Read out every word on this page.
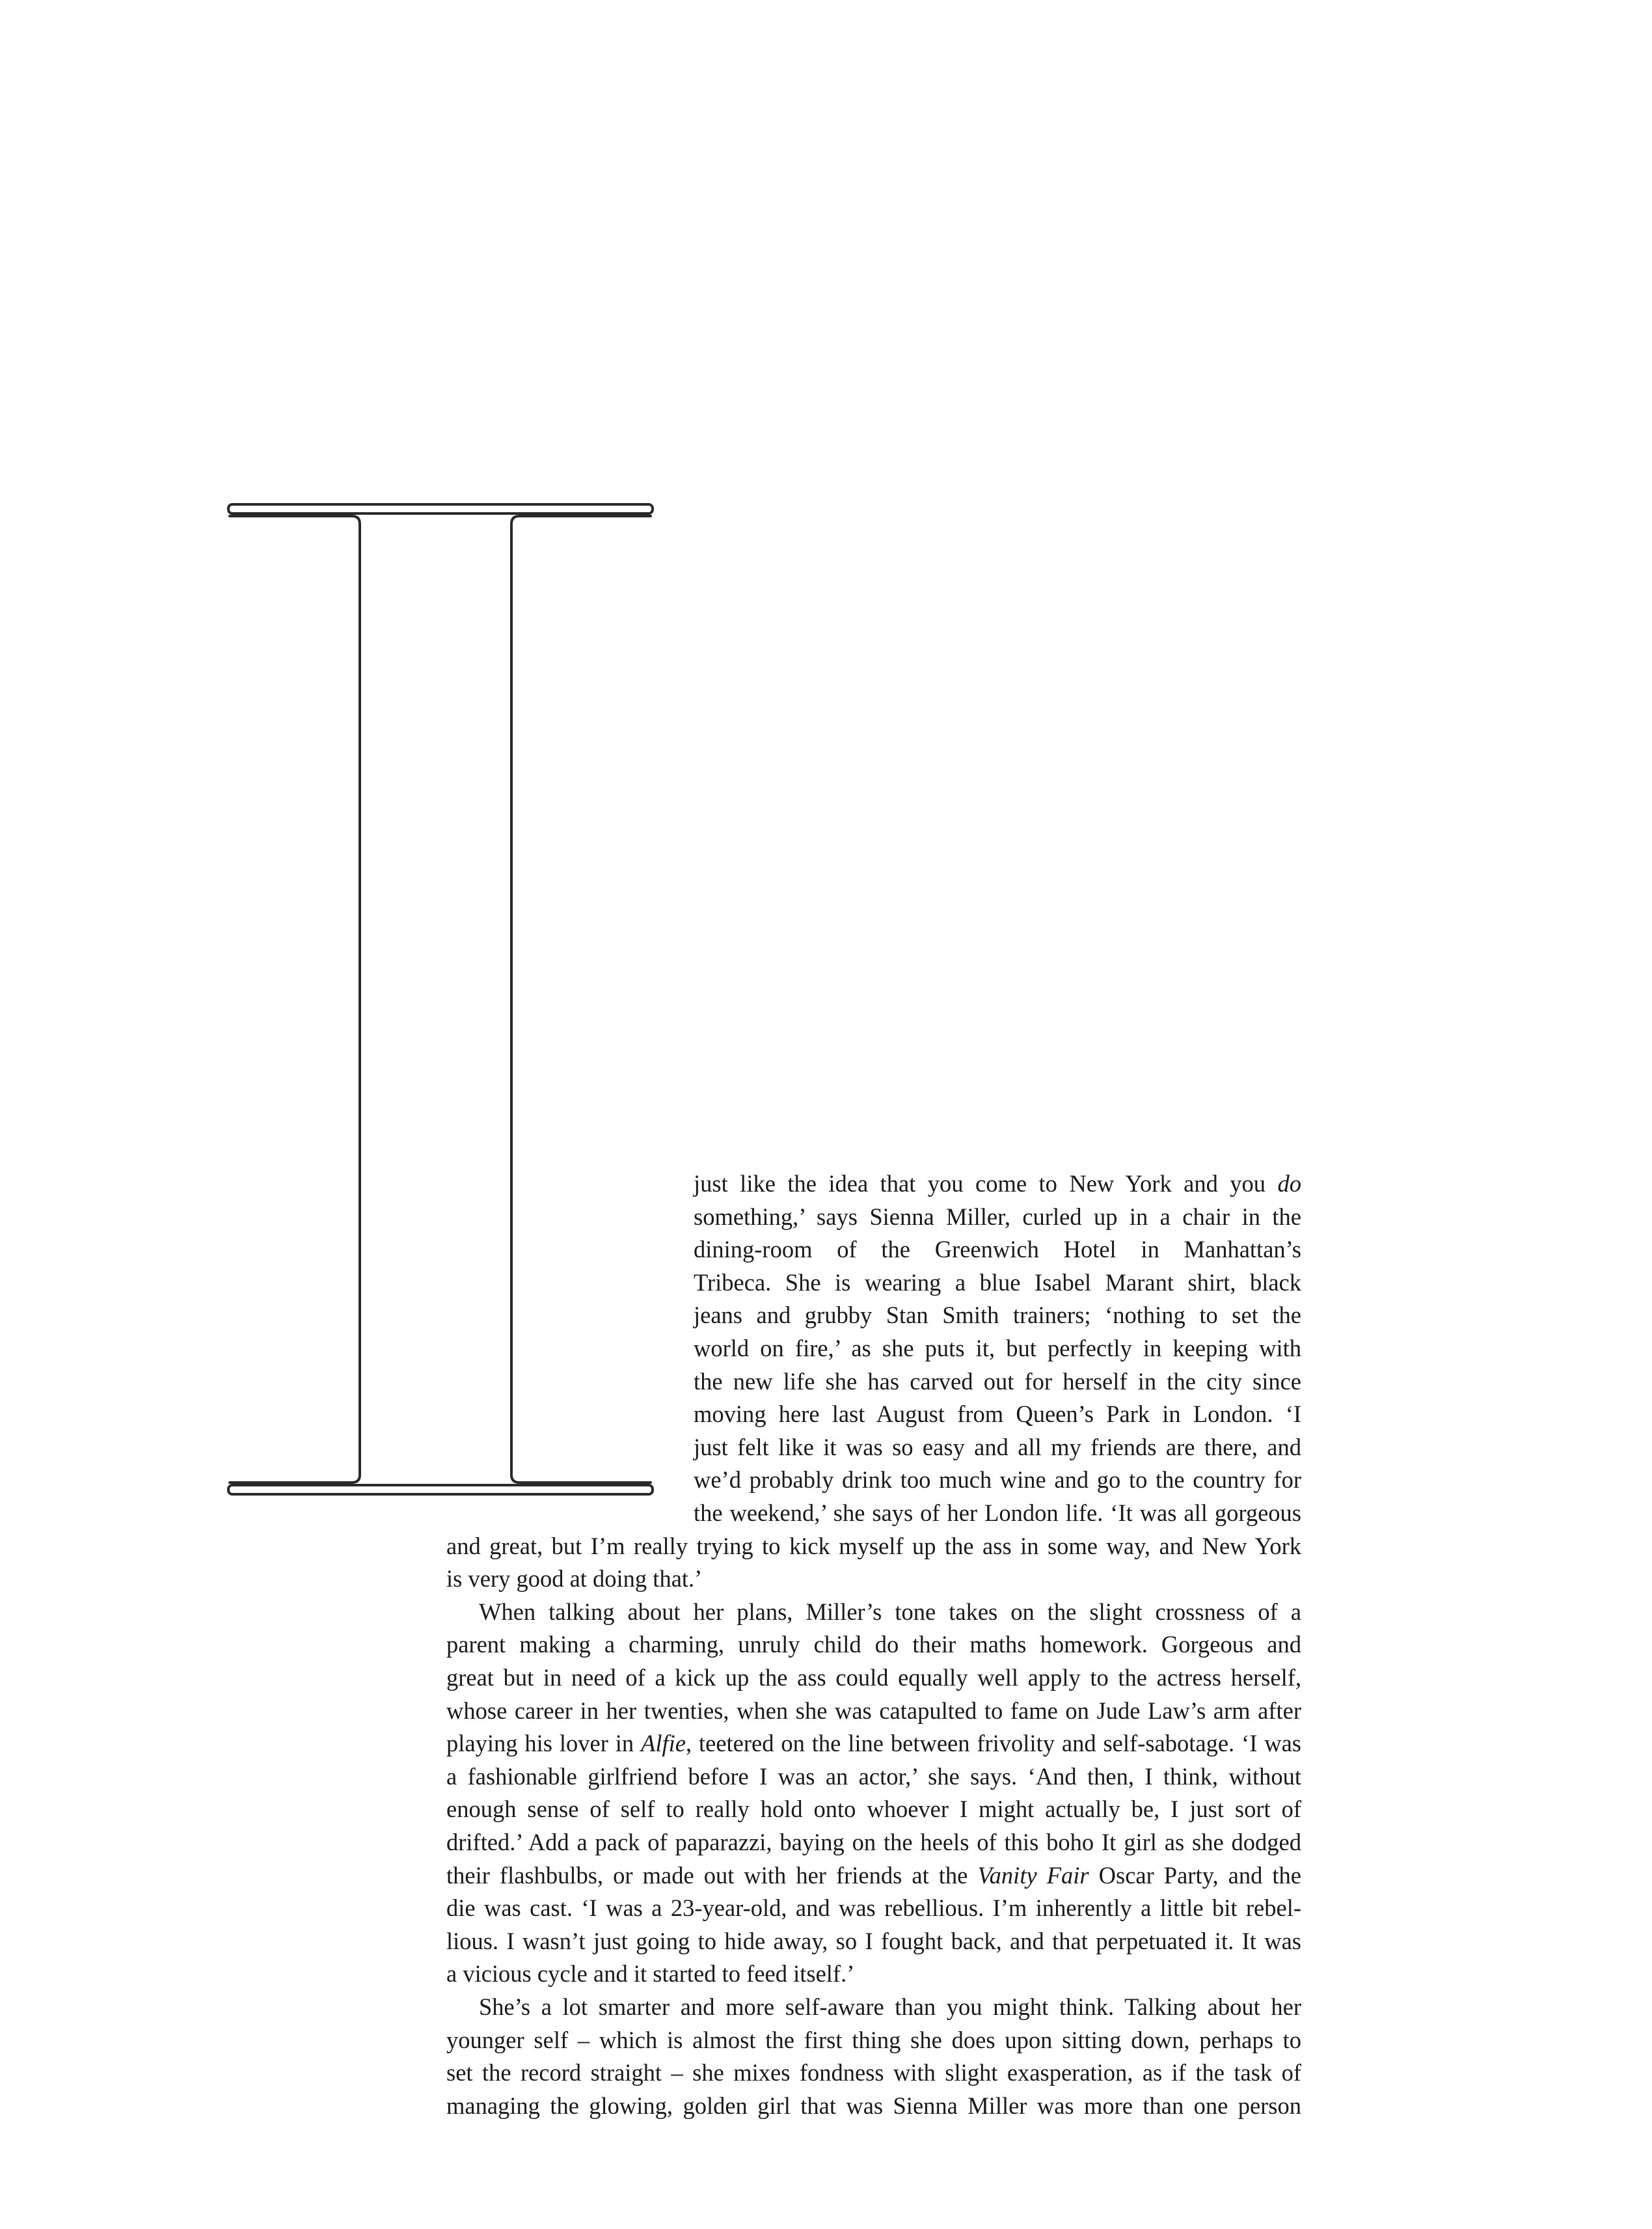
just like the idea that you come to New York and you do
something,’ says Sienna Miller, curled up in a chair in the
dining-room of the Greenwich Hotel in Manhattan’s
Tribeca. She is wearing a blue Isabel Marant shirt, black
jeans and grubby Stan Smith trainers; ‘nothing to set the
world on fire,’ as she puts it, but perfectly in keeping with
the new life she has carved out for herself in the city since
moving here last August from Queen’s Park in London. ‘I
just felt like it was so easy and all my friends are there, and
we’d probably drink too much wine and go to the country for
the weekend,’ she says of her London life. ‘It was all gorgeous
and great, but I’m really trying to kick myself up the ass in some way, and New York
is very good at doing that.’
When talking about her plans, Miller’s tone takes on the slight crossness of a
parent making a charming, unruly child do their maths homework. Gorgeous and
great but in need of a kick up the ass could equally well apply to the actress herself,
whose career in her twenties, when she was catapulted to fame on Jude Law’s arm after
playing his lover in Alfie, teetered on the line between frivolity and self-sabotage. ‘I was
a fashionable girlfriend before I was an actor,’ she says. ‘And then, I think, without
enough sense of self to really hold onto whoever I might actually be, I just sort of
drifted.’ Add a pack of paparazzi, baying on the heels of this boho It girl as she dodged
their flashbulbs, or made out with her friends at the Vanity Fair Oscar Party, and the
die was cast. ‘I was a 23-year-old, and was rebellious. I’m inherently a little bit rebel-
lious. I wasn’t just going to hide away, so I fought back, and that perpetuated it. It was
a vicious cycle and it started to feed itself.’
She’s a lot smarter and more self-aware than you might think. Talking about her
younger self – which is almost the first thing she does upon sitting down, perhaps to
set the record straight – she mixes fondness with slight exasperation, as if the task of
managing the glowing, golden girl that was Sienna Miller was more than one person
